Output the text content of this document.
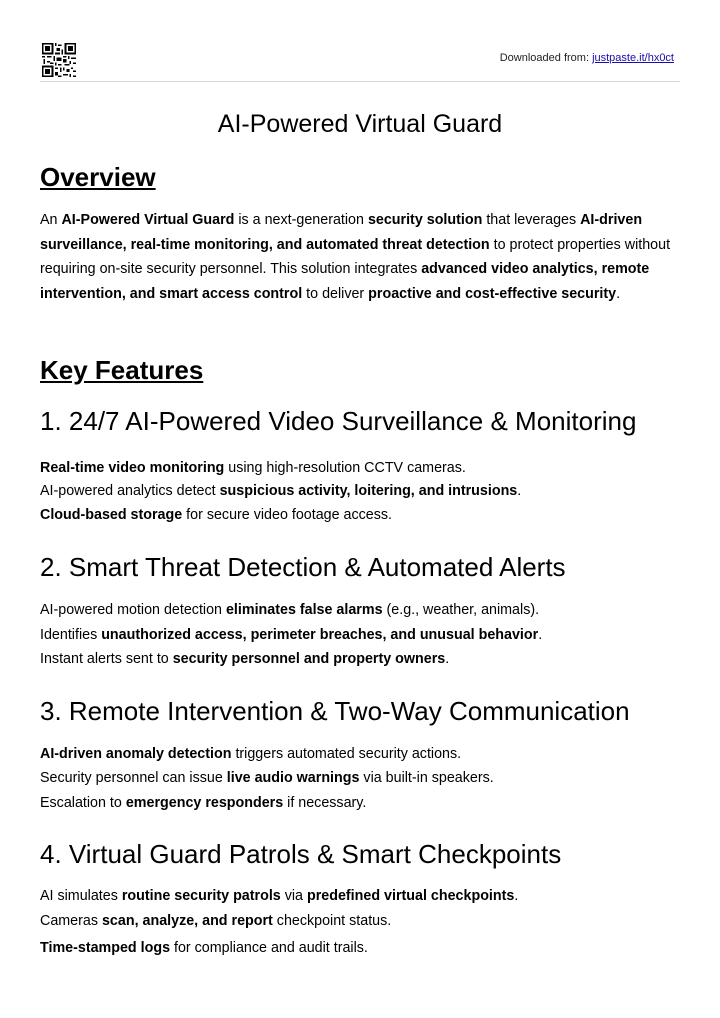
Downloaded from: justpaste.it/hx0ct
AI-Powered Virtual Guard
Overview

An AI-Powered Virtual Guard is a next-generation security solution that leverages AI-driven surveillance, real-time monitoring, and automated threat detection to protect properties without requiring on-site security personnel. This solution integrates advanced video analytics, remote intervention, and smart access control to deliver proactive and cost-effective security.

Key Features
1. 24/7 AI-Powered Video Surveillance & Monitoring

Real-time video monitoring using high-resolution CCTV cameras.

AI-powered analytics detect suspicious activity, loitering, and intrusions.

Cloud-based storage for secure video footage access.

2. Smart Threat Detection & Automated Alerts

AI-powered motion detection eliminates false alarms (e.g., weather, animals).

Identifies unauthorized access, perimeter breaches, and unusual behavior.

Instant alerts sent to security personnel and property owners.

3. Remote Intervention & Two-Way Communication

AI-driven anomaly detection triggers automated security actions.

Security personnel can issue live audio warnings via built-in speakers.

Escalation to emergency responders if necessary.

4. Virtual Guard Patrols & Smart Checkpoints

AI simulates routine security patrols via predefined virtual checkpoints.

Cameras scan, analyze, and report checkpoint status.

Time-stamped logs for compliance and audit trails.
